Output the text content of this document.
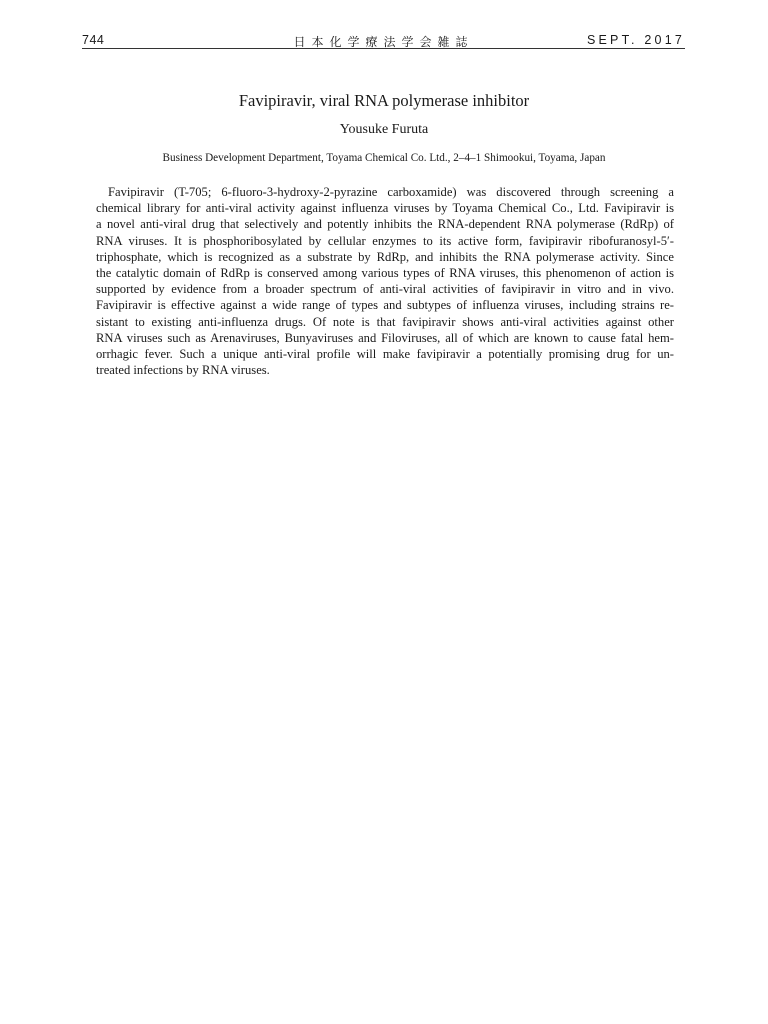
744	日本化学療法学会雑誌	SEPT. 2017
Favipiravir, viral RNA polymerase inhibitor
Yousuke Furuta
Business Development Department, Toyama Chemical Co. Ltd., 2–4–1 Shimookui, Toyama, Japan
Favipiravir (T-705; 6-fluoro-3-hydroxy-2-pyrazine carboxamide) was discovered through screening a
chemical library for anti-viral activity against influenza viruses by Toyama Chemical Co., Ltd. Favipiravir is
a novel anti-viral drug that selectively and potently inhibits the RNA-dependent RNA polymerase (RdRp) of
RNA viruses. It is phosphoribosylated by cellular enzymes to its active form, favipiravir ribofuranosyl-5′-
triphosphate, which is recognized as a substrate by RdRp, and inhibits the RNA polymerase activity. Since
the catalytic domain of RdRp is conserved among various types of RNA viruses, this phenomenon of action is
supported by evidence from a broader spectrum of anti-viral activities of favipiravir in vitro and in vivo.
Favipiravir is effective against a wide range of types and subtypes of influenza viruses, including strains re-
sistant to existing anti-influenza drugs. Of note is that favipiravir shows anti-viral activities against other
RNA viruses such as Arenaviruses, Bunyaviruses and Filoviruses, all of which are known to cause fatal hem-
orrhagic fever. Such a unique anti-viral profile will make favipiravir a potentially promising drug for un-
treated infections by RNA viruses.
